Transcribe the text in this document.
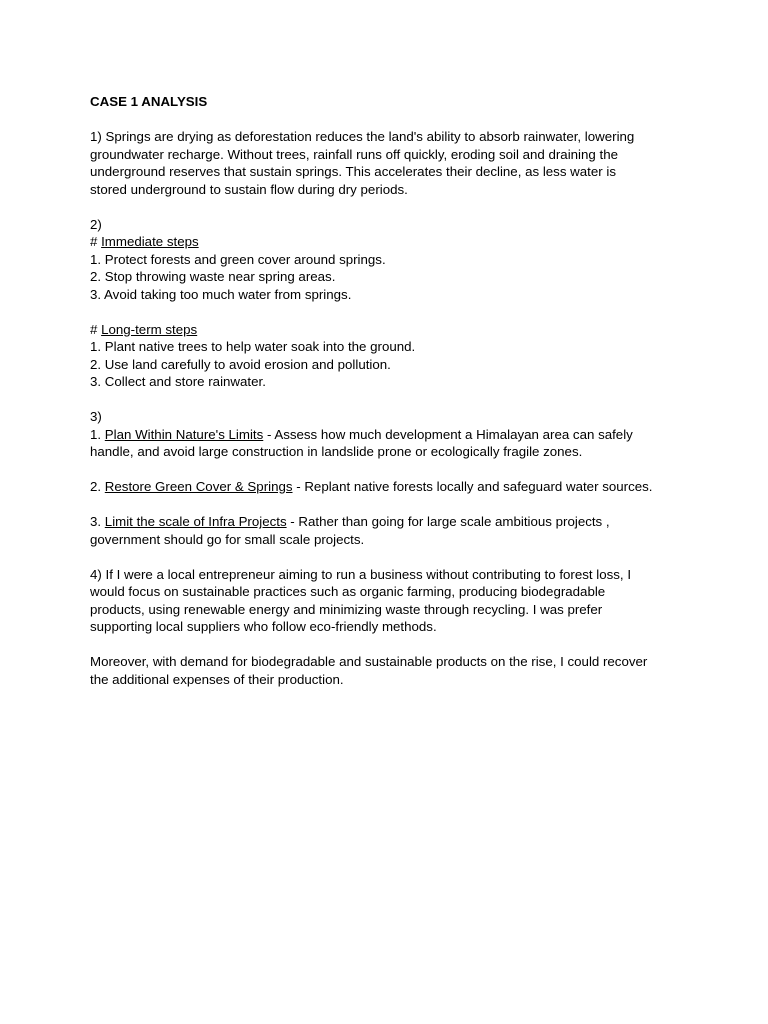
CASE 1 ANALYSIS

1) Springs are drying as deforestation reduces the land's ability to absorb rainwater, lowering

groundwater recharge. Without trees, rainfall runs off quickly, eroding soil and draining the

underground reserves that sustain springs. This accelerates their decline, as less water is

stored underground to sustain flow during dry periods.

2)

# Immediate steps

1. Protect forests and green cover around springs.

2. Stop throwing waste near spring areas.

3. Avoid taking too much water from springs.

# Long-term steps

1. Plant native trees to help water soak into the ground.

2. Use land carefully to avoid erosion and pollution.

3. Collect and store rainwater.

3)

1. Plan Within Nature's Limits - Assess how much development a Himalayan area can safely

handle, and avoid large construction in landslide prone or ecologically fragile zones.

2. Restore Green Cover & Springs - Replant native forests locally and safeguard water sources.

3. Limit the scale of Infra Projects - Rather than going for large scale ambitious projects ,

government should go for small scale projects.

4) If I were a local entrepreneur aiming to run a business without contributing to forest loss, I

would focus on sustainable practices such as organic farming, producing biodegradable

products, using renewable energy and minimizing waste through recycling. I was prefer

supporting local suppliers who follow eco-friendly methods.

Moreover, with demand for biodegradable and sustainable products on the rise, I could recover

the additional expenses of their production.
